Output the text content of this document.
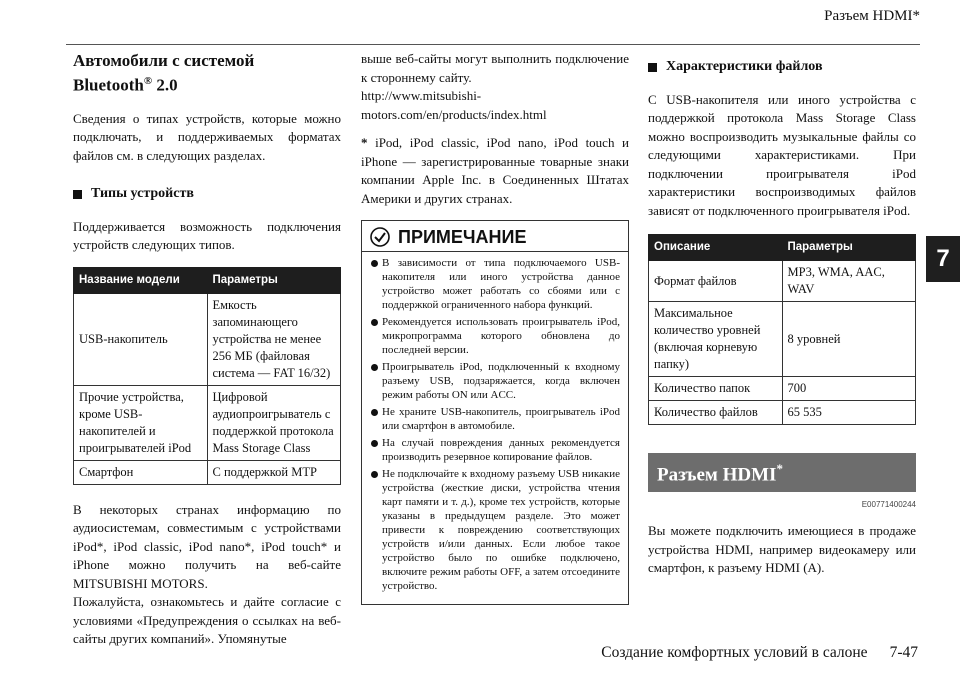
Разъем HDMI*
7
Автомобили с системой
Bluetooth® 2.0

Сведения о типах устройств, которые можно подключать, и поддерживаемых форматах файлов см. в следующих разделах.

Типы устройств

Поддерживается возможность подключения устройств следующих типов.

Название модели	Параметры
USB-накопитель	Емкость запоминающего устройства не менее 256 МБ (файловая система — FAT 16/32)
Прочие устройства, кроме USB-накопителей и проигрывателей iPod	Цифровой аудиопроигрыватель с поддержкой протокола Mass Storage Class
Смартфон	С поддержкой MTP

В некоторых странах информацию по аудиосистемам, совместимым с устройствами iPod*, iPod classic, iPod nano*, iPod touch* и iPhone можно получить на веб-сайте MITSUBISHI MOTORS.

Пожалуйста, ознакомьтесь и дайте согласие с условиями «Предупреждения о ссылках на веб-сайты других компаний». Упомянутые

выше веб-сайты могут выполнить подключение к стороннему сайту.

http://www.mitsubishi-
motors.com/en/products/index.html

* iPod, iPod classic, iPod nano, iPod touch и iPhone — зарегистрированные товарные знаки компании Apple Inc. в Соединенных Штатах Америки и других странах.

ПРИМЕЧАНИЕ
В зависимости от типа подключаемого USB-накопителя или иного устройства данное устройство может работать со сбоями или с поддержкой ограниченного набора функций.
Рекомендуется использовать проигрыватель iPod, микропрограмма которого обновлена до последней версии.
Проигрыватель iPod, подключенный к входному разъему USB, подзаряжается, когда включен режим работы ON или ACC.
Не храните USB-накопитель, проигрыватель iPod или смартфон в автомобиле.
На случай повреждения данных рекомендуется производить резервное копирование файлов.
Не подключайте к входному разъему USB никакие устройства (жесткие диски, устройства чтения карт памяти и т. д.), кроме тех устройств, которые указаны в предыдущем разделе. Это может привести к повреждению соответствующих устройств и/или данных. Если любое такое устройство было по ошибке подключено, включите режим работы OFF, а затем отсоедините устройство.
Характеристики файлов

С USB-накопителя или иного устройства с поддержкой протокола Mass Storage Class можно воспроизводить музыкальные файлы со следующими характеристиками. При подключении проигрывателя iPod характеристики воспроизводимых файлов зависят от подключенного проигрывателя iPod.

Описание	Параметры
Формат файлов	MP3, WMA, AAC, WAV
Максимальное количество уровней (включая корневую папку)	8 уровней
Количество папок	700
Количество файлов	65 535
Разъем HDMI*
E00771400244

Вы можете подключить имеющиеся в продаже устройства HDMI, например видеокамеру или смартфон, к разъему HDMI (A).

Создание комфортных условий в салоне 7-47
